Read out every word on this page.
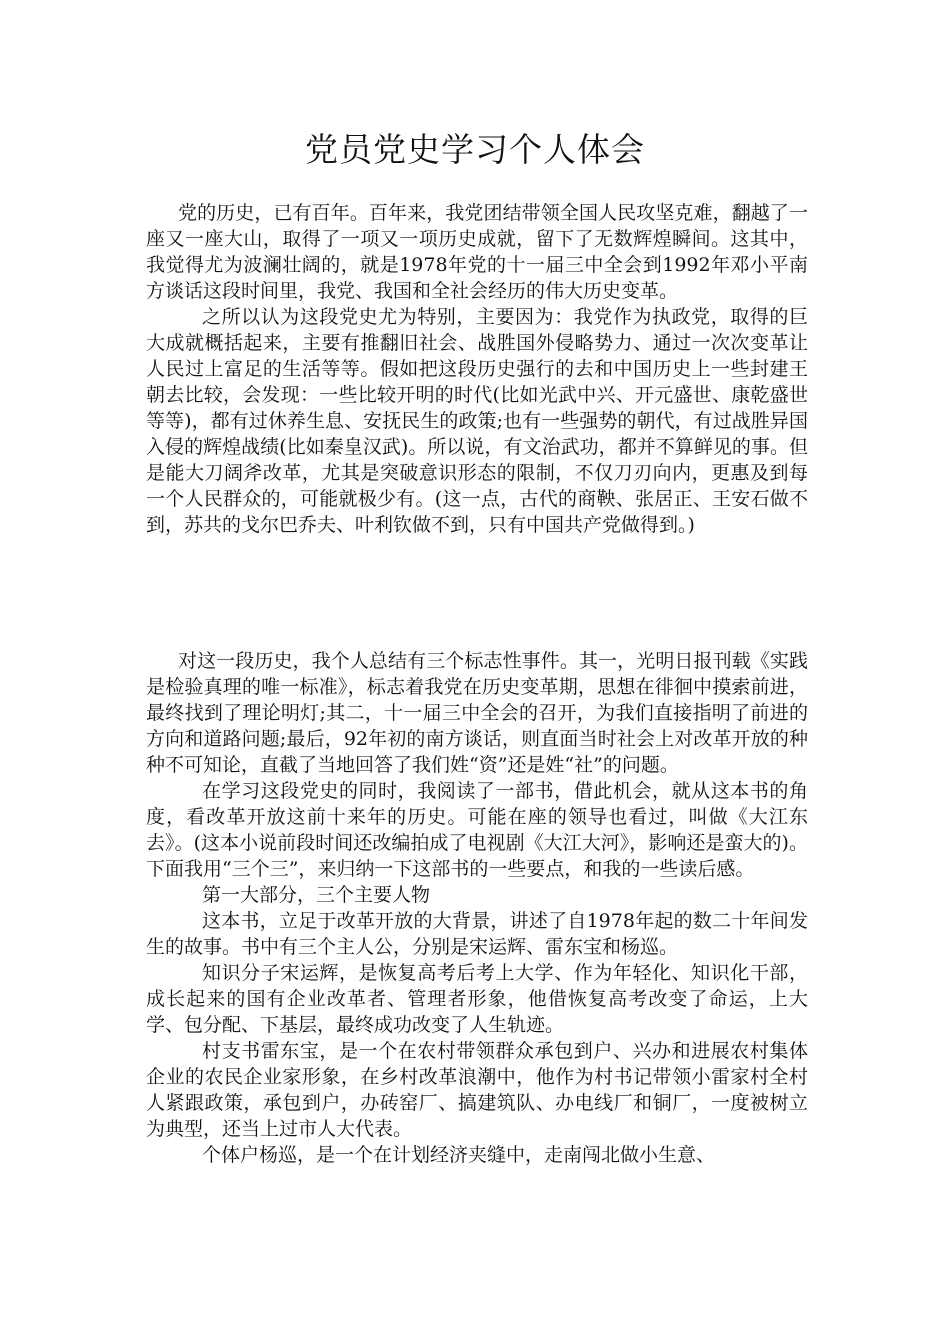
党员党史学习个人体会

党的历史，已有百年。百年来，我党团结带领全国人民攻坚克难，翻越了一座又一座大山，取得了一项又一项历史成就，留下了无数辉煌瞬间。这其中，我觉得尤为波澜壮阔的，就是1978年党的十一届三中全会到1992年邓小平南方谈话这段时间里，我党、我国和全社会经历的伟大历史变革。

之所以认为这段党史尤为特别，主要因为：我党作为执政党，取得的巨大成就概括起来，主要有推翻旧社会、战胜国外侵略势力、通过一次次变革让人民过上富足的生活等等。假如把这段历史强行的去和中国历史上一些封建王朝去比较，会发现：一些比较开明的时代(比如光武中兴、开元盛世、康乾盛世等等)，都有过休养生息、安抚民生的政策;也有一些强势的朝代，有过战胜异国入侵的辉煌战绩(比如秦皇汉武)。所以说，有文治武功，都并不算鲜见的事。但是能大刀阔斧改革，尤其是突破意识形态的限制，不仅刀刃向内，更惠及到每一个人民群众的，可能就极少有。(这一点，古代的商鞅、张居正、王安石做不到，苏共的戈尔巴乔夫、叶利钦做不到，只有中国共产党做得到。)

对这一段历史，我个人总结有三个标志性事件。其一，光明日报刊载《实践是检验真理的唯一标准》，标志着我党在历史变革期，思想在徘徊中摸索前进，最终找到了理论明灯;其二，十一届三中全会的召开，为我们直接指明了前进的方向和道路问题;最后，92年初的南方谈话，则直面当时社会上对改革开放的种种不可知论，直截了当地回答了我们姓“资”还是姓“社”的问题。

在学习这段党史的同时，我阅读了一部书，借此机会，就从这本书的角度，看改革开放这前十来年的历史。可能在座的领导也看过，叫做《大江东去》。(这本小说前段时间还改编拍成了电视剧《大江大河》，影响还是蛮大的)。下面我用“三个三”，来归纳一下这部书的一些要点，和我的一些读后感。

第一大部分，三个主要人物

这本书，立足于改革开放的大背景，讲述了自1978年起的数二十年间发生的故事。书中有三个主人公，分别是宋运辉、雷东宝和杨巡。

知识分子宋运辉，是恢复高考后考上大学、作为年轻化、知识化干部，成长起来的国有企业改革者、管理者形象，他借恢复高考改变了命运，上大学、包分配、下基层，最终成功改变了人生轨迹。

村支书雷东宝，是一个在农村带领群众承包到户、兴办和进展农村集体企业的农民企业家形象，在乡村改革浪潮中，他作为村书记带领小雷家村全村人紧跟政策，承包到户，办砖窑厂、搞建筑队、办电线厂和铜厂，一度被树立为典型，还当上过市人大代表。

个体户杨巡，是一个在计划经济夹缝中，走南闯北做小生意、
